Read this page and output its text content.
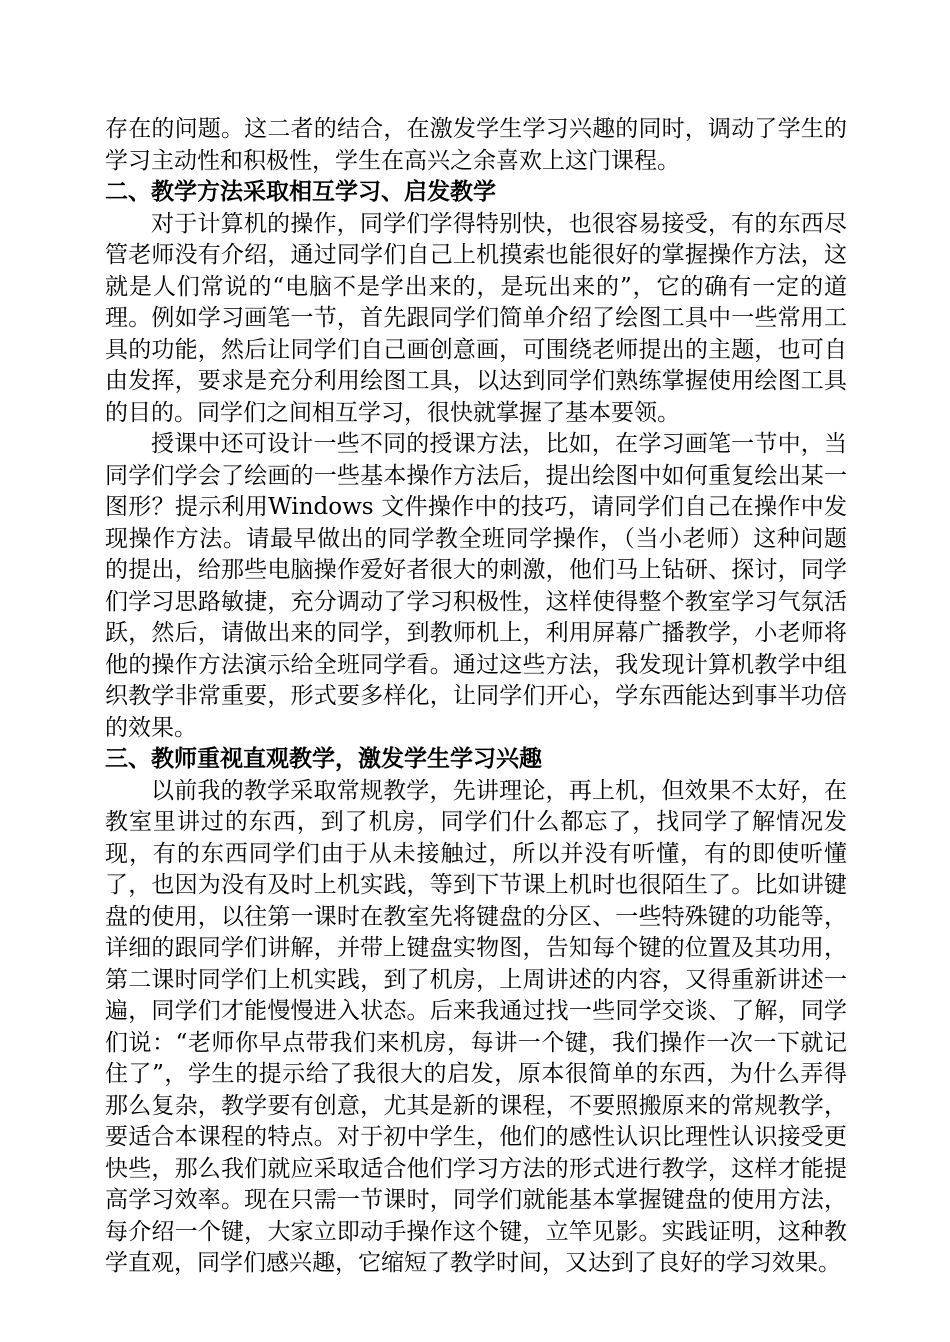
存在的问题。这二者的结合，在激发学生学习兴趣的同时，调动了学生的学习主动性和积极性，学生在高兴之余喜欢上这门课程。

二、教学方法采取相互学习、启发教学

对于计算机的操作，同学们学得特别快，也很容易接受，有的东西尽管老师没有介绍，通过同学们自己上机摸索也能很好的掌握操作方法，这就是人们常说的“电脑不是学出来的，是玩出来的”，它的确有一定的道理。例如学习画笔一节，首先跟同学们简单介绍了绘图工具中一些常用工具的功能，然后让同学们自己画创意画，可围绕老师提出的主题，也可自由发挥，要求是充分利用绘图工具，以达到同学们熟练掌握使用绘图工具的目的。同学们之间相互学习，很快就掌握了基本要领。

授课中还可设计一些不同的授课方法，比如，在学习画笔一节中，当同学们学会了绘画的一些基本操作方法后，提出绘图中如何重复绘出某一图形？提示利用Windows 文件操作中的技巧，请同学们自己在操作中发现操作方法。请最早做出的同学教全班同学操作，（当小老师）这种问题的提出，给那些电脑操作爱好者很大的刺激，他们马上钻研、探讨，同学们学习思路敏捷，充分调动了学习积极性，这样使得整个教室学习气氛活跃，然后，请做出来的同学，到教师机上，利用屏幕广播教学，小老师将他的操作方法演示给全班同学看。通过这些方法，我发现计算机教学中组织教学非常重要，形式要多样化，让同学们开心，学东西能达到事半功倍的效果。

三、教师重视直观教学，激发学生学习兴趣

以前我的教学采取常规教学，先讲理论，再上机，但效果不太好，在教室里讲过的东西，到了机房，同学们什么都忘了，找同学了解情况发现，有的东西同学们由于从未接触过，所以并没有听懂，有的即使听懂了，也因为没有及时上机实践，等到下节课上机时也很陌生了。比如讲键盘的使用，以往第一课时在教室先将键盘的分区、一些特殊键的功能等，详细的跟同学们讲解，并带上键盘实物图，告知每个键的位置及其功用，第二课时同学们上机实践，到了机房，上周讲述的内容，又得重新讲述一遍，同学们才能慢慢进入状态。后来我通过找一些同学交谈、了解，同学们说：“老师你早点带我们来机房，每讲一个键，我们操作一次一下就记住了”，学生的提示给了我很大的启发，原本很简单的东西，为什么弄得那么复杂，教学要有创意，尤其是新的课程，不要照搬原来的常规教学，要适合本课程的特点。对于初中学生，他们的感性认识比理性认识接受更快些，那么我们就应采取适合他们学习方法的形式进行教学，这样才能提高学习效率。现在只需一节课时，同学们就能基本掌握键盘的使用方法，每介绍一个键，大家立即动手操作这个键，立竿见影。实践证明，这种教学直观，同学们感兴趣，它缩短了教学时间，又达到了良好的学习效果。
